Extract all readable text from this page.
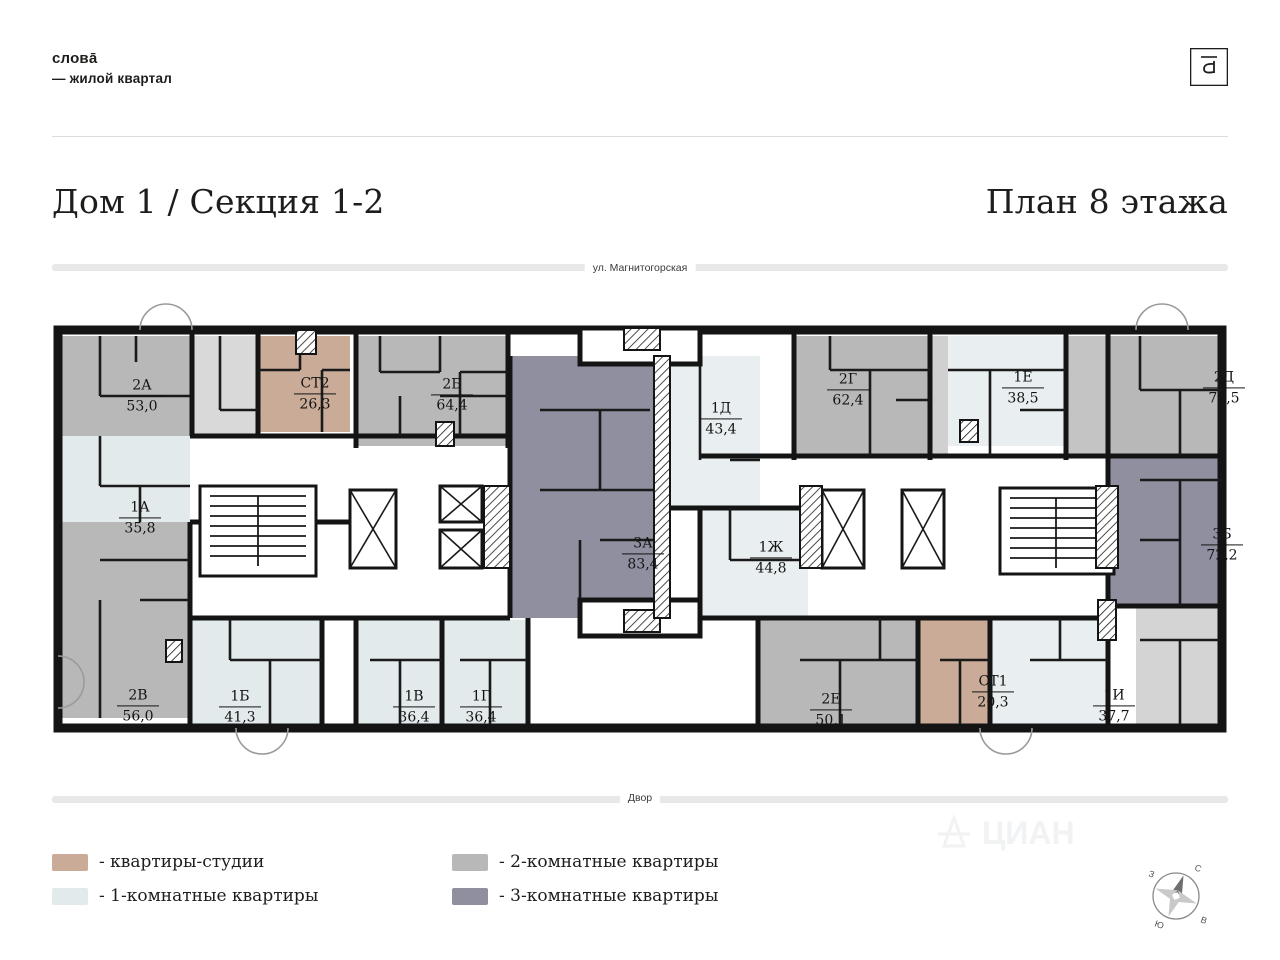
словā
— жилой квартал
Дом 1 / Секция 1-2	План 8 этажа
ул. Магнитогорская
Двор
2А
53,0
СТ2
26,3
2Б
64,4	1Д
43,4
2Г
62,4
1Е
38,5
2Д
70,5
1А
35,8
3А
83,4
1Ж
44,8
3Б
72,2
2В
56,0
1Б
41,3
1В
36,4
1Г
36,4
2Е
50,1
СТ1
20,3	1И
37,7
- квартиры-студии	- 2-комнатные квартиры
- 1-комнатные квартиры	- 3-комнатные квартиры
С
Ю
З
В
ЦИАН
